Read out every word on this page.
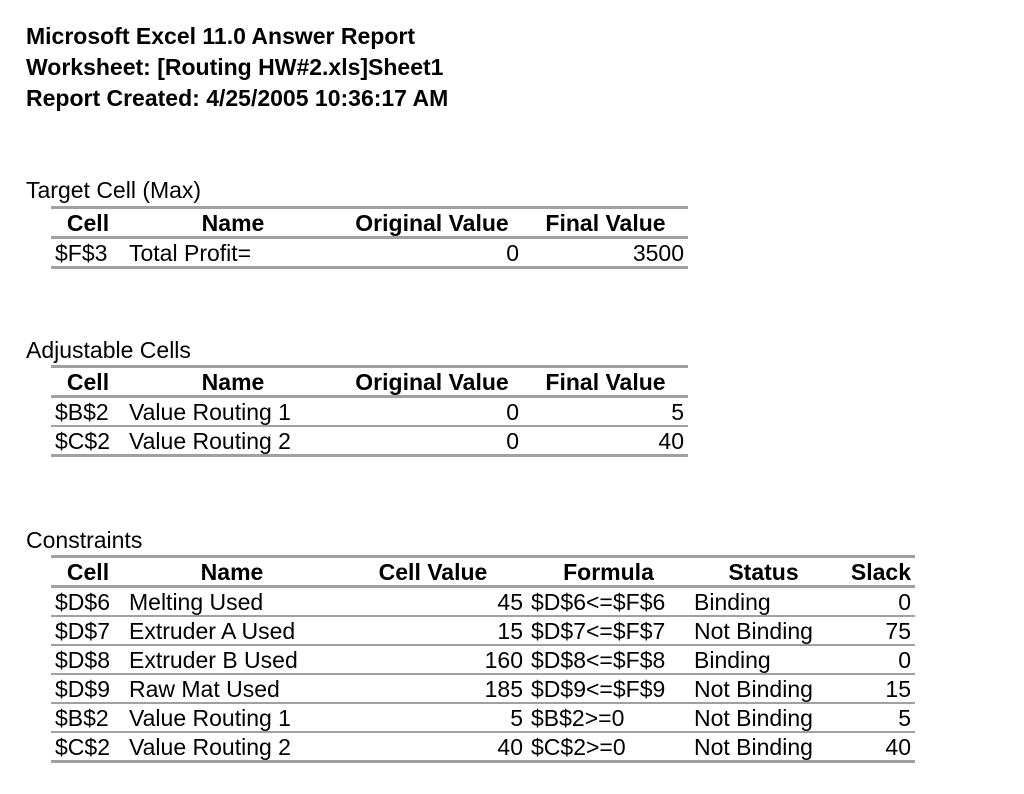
Microsoft Excel 11.0 Answer Report
Worksheet: [Routing HW#2.xls]Sheet1
Report Created: 4/25/2005 10:36:17 AM
Target Cell (Max)
Cell	Name	Original Value	Final Value
$F$3	Total Profit=	0	3500
Adjustable Cells
Cell	Name	Original Value	Final Value
$B$2	Value Routing 1	0	5
$C$2	Value Routing 2	0	40
Constraints
Cell	Name	Cell Value	Formula	Status	Slack
$D$6	Melting Used	45	$D$6<=$F$6	Binding	0
$D$7	Extruder A Used	15	$D$7<=$F$7	Not Binding	75
$D$8	Extruder B Used	160	$D$8<=$F$8	Binding	0
$D$9	Raw Mat Used	185	$D$9<=$F$9	Not Binding	15
$B$2	Value Routing 1	5	$B$2>=0	Not Binding	5
$C$2	Value Routing 2	40	$C$2>=0	Not Binding	40
